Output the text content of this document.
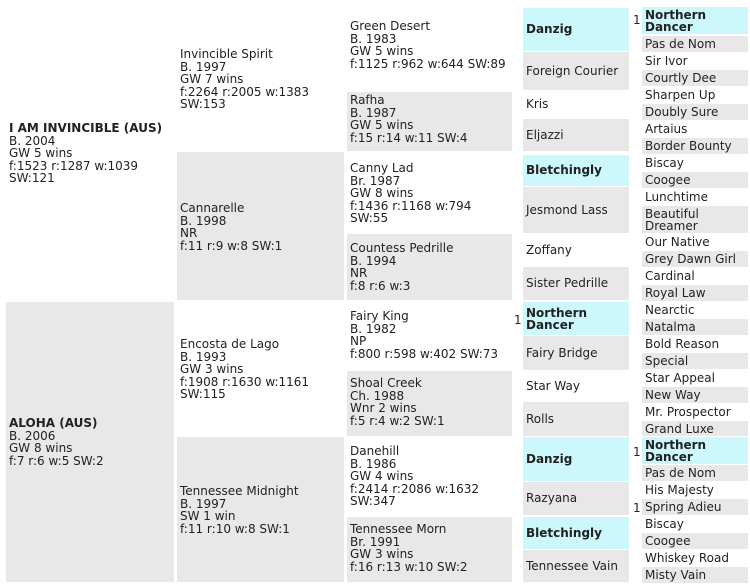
I AM INVINCIBLE (AUS)
B. 2004
GW 5 wins
f:1523 r:1287 w:1039
SW:121
ALOHA (AUS)
B. 2006
GW 8 wins
f:7 r:6 w:5 SW:2
Invincible Spirit
B. 1997
GW 7 wins
f:2264 r:2005 w:1383
SW:153
Cannarelle
B. 1998
NR
f:11 r:9 w:8 SW:1
Encosta de Lago
B. 1993
GW 3 wins
f:1908 r:1630 w:1161
SW:115
Tennessee Midnight
B. 1997
SW 1 win
f:11 r:10 w:8 SW:1
Green Desert
B. 1983
GW 5 wins
f:1125 r:962 w:644 SW:89
Rafha
B. 1987
GW 5 wins
f:15 r:14 w:11 SW:4
Canny Lad
Br. 1987
GW 8 wins
f:1436 r:1168 w:794
SW:55
Countess Pedrille
B. 1994
NR
f:8 r:6 w:3
Fairy King
B. 1982
NP
f:800 r:598 w:402 SW:73
Shoal Creek
Ch. 1988
Wnr 2 wins
f:5 r:4 w:2 SW:1
Danehill
B. 1986
GW 4 wins
f:2414 r:2086 w:1632
SW:347
Tennessee Morn
Br. 1991
GW 3 wins
f:16 r:13 w:10 SW:2
Danzig
Foreign Courier
Kris
Eljazzi
Bletchingly
Jesmond Lass
Zoffany
Sister Pedrille
Northern Dancer
Fairy Bridge
Star Way
Rolls
Danzig
Razyana
Bletchingly
Tennessee Vain
1
Northern Dancer
Pas de Nom
Sir Ivor
Courtly Dee
Sharpen Up
Doubly Sure
Artaius
Border Bounty
Biscay
Coogee
Lunchtime
Beautiful Dreamer
Our Native
Grey Dawn Girl
Cardinal
Royal Law
Nearctic
Natalma
Bold Reason
Special
Star Appeal
New Way
Mr. Prospector
Grand Luxe
Northern Dancer
Pas de Nom
His Majesty
Spring Adieu
Biscay
Coogee
Whiskey Road
Misty Vain
1
1
1
